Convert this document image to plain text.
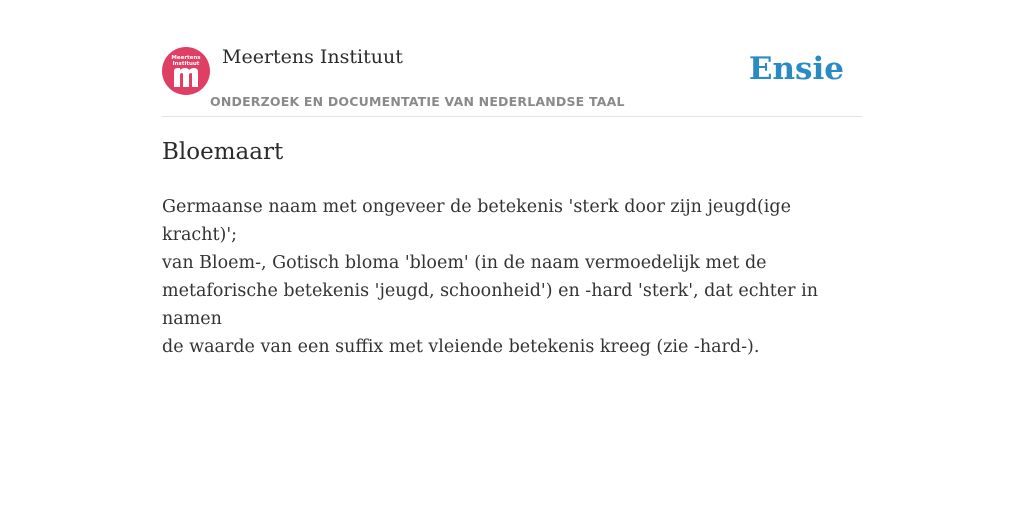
Meertens
Instituut	Meertens Instituut
ONDERZOEK EN DOCUMENTATIE VAN NEDERLANDSE TAAL
Ensie
Bloemaart

Germaanse naam met ongeveer de betekenis 'sterk door zijn jeugd(ige kracht)';
van Bloem-, Gotisch bloma 'bloem' (in de naam vermoedelijk met de
metaforische betekenis 'jeugd, schoonheid') en -hard 'sterk', dat echter in namen
de waarde van een suffix met vleiende betekenis kreeg (zie -hard-).
